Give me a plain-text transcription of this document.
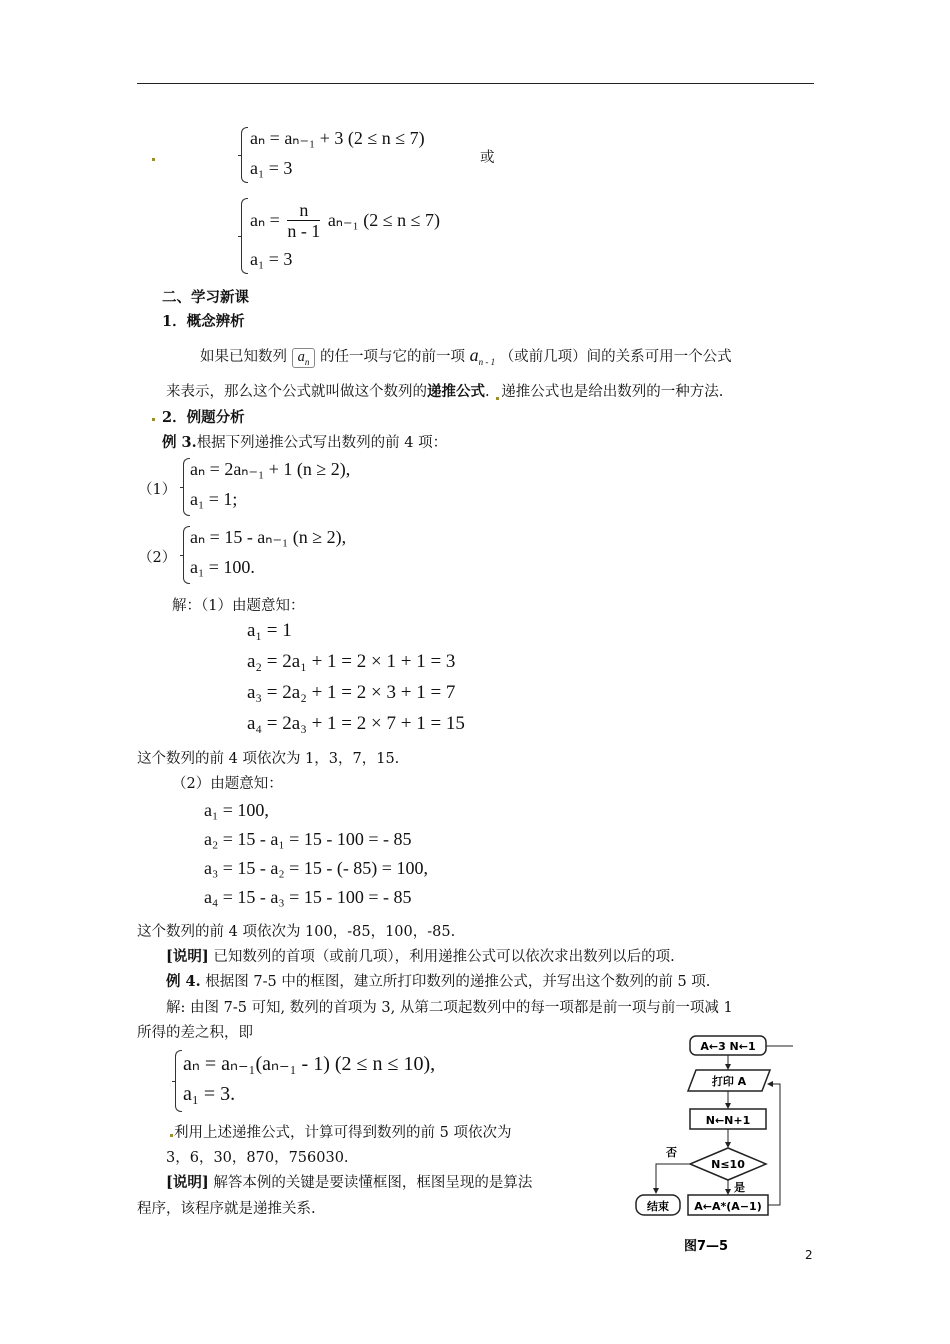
aₙ = aₙ₋₁ + 3 (2 ≤ n ≤ 7)
a₁ = 3	或
$a_n = \frac{n}{n - 1} a_{n-1}$ (2 ≤ n ≤ 7)
a₁ = 3
二、学习新课
1．概念辨析
如果已知数列 $a_n$ 的任一项与它的前一项 $a_{n - 1}$ （或前几项）间的关系可用一个公式
来表示，那么这个公式就叫做这个数列的递推公式. 递推公式也是给出数列的一种方法.
2．例题分析
例 3.根据下列递推公式写出数列的前 4 项：
（1）
aₙ = 2aₙ₋₁ + 1 (n ≥ 2),
a₁ = 1;
（2）
aₙ = 15 - aₙ₋₁ (n ≥ 2),
a₁ = 100.
解：（1）由题意知：
a₁ = 1
a₂ = 2a₁ + 1 = 2 × 1 + 1 = 3
a₃ = 2a₂ + 1 = 2 × 3 + 1 = 7
a₄ = 2a₃ + 1 = 2 × 7 + 1 = 15
这个数列的前 4 项依次为 1，3，7，15.
（2）由题意知：
a₁ = 100,
a₂ = 15 - a₁ = 15 - 100 = - 85
a₃ = 15 - a₂ = 15 - (- 85) = 100,
a₄ = 15 - a₃ = 15 - 100 = - 85
这个数列的前 4 项依次为 100，-85，100，-85.
[说明] 已知数列的首项（或前几项），利用递推公式可以依次求出数列以后的项.
例 4. 根据图 7-5 中的框图，建立所打印数列的递推公式，并写出这个数列的前 5 项.
解: 由图 7-5 可知, 数列的首项为 3, 从第二项起数列中的每一项都是前一项与前一项减 1
所得的差之积，即
aₙ = aₙ₋₁(aₙ₋₁ - 1) (2 ≤ n ≤ 10),
a₁ = 3.
利用上述递推公式，计算可得到数列的前 5 项依次为
3，6，30，870，756030.
[说明] 解答本例的关键是要读懂框图，框图呈现的是算法
程序，该程序就是递推关系.
A←3 N←1
打印 A
N←N+1
N≤10
否
结束
是
A←A*(A−1)
图7—5
2
